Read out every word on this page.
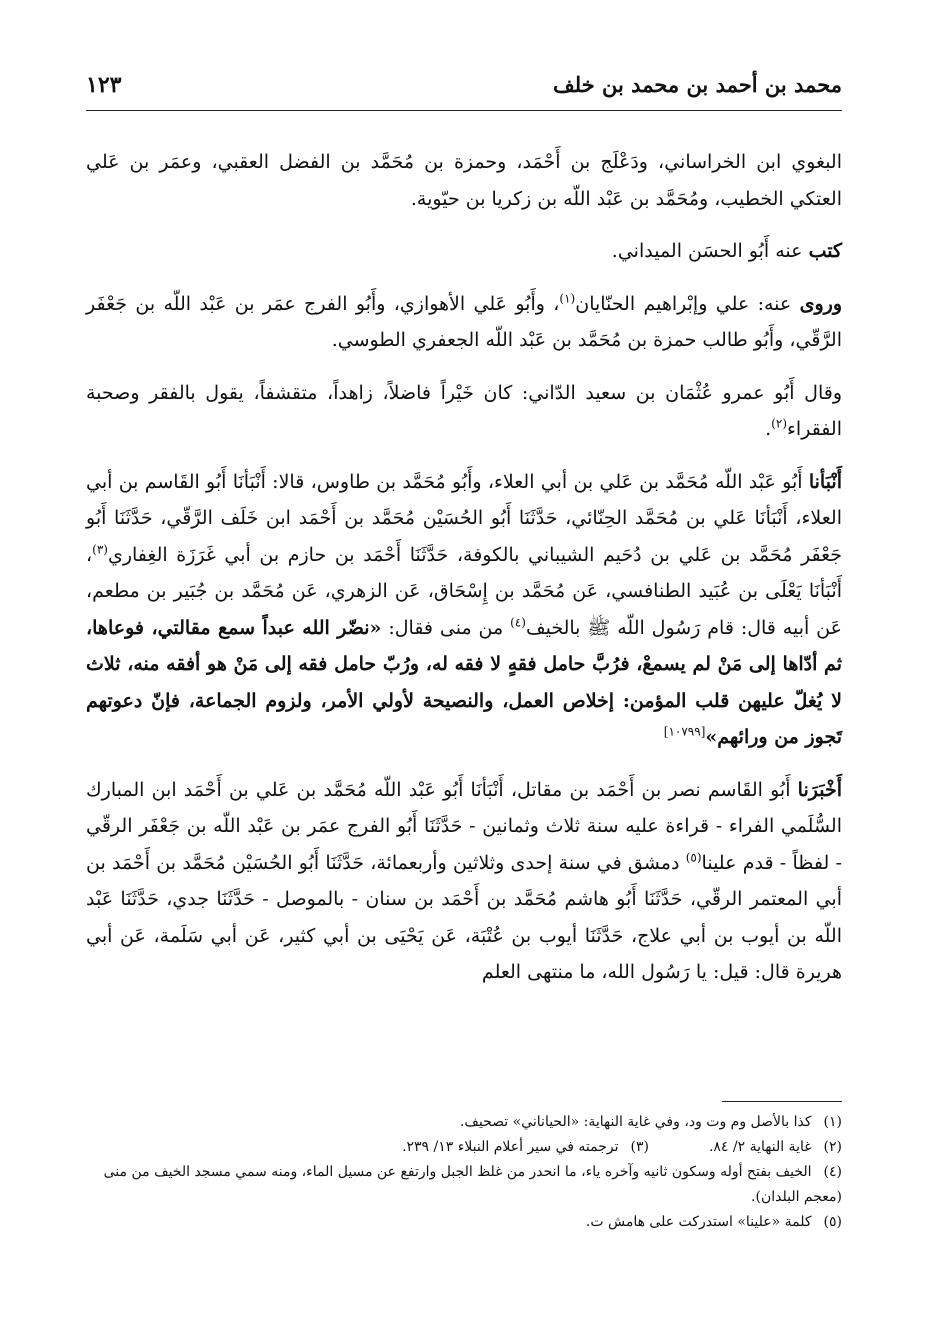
محمد بن أحمد بن محمد بن خلف
١٢٣

البغوي ابن الخراساني، ودَعْلَج بن أَحْمَد، وحمزة بن مُحَمَّد بن الفضل العقبي، وعمَر بن عَلي العتكي الخطيب، ومُحَمَّد بن عَبْد اللّه بن زكريا بن حيّوية.

كتب عنه أَبُو الحسَن الميداني.

وروى عنه: علي وإبْراهيم الحنّايان$^{(١)}$، وأَبُو عَلي الأهوازي، وأَبُو الفرج عمَر بن عَبْد اللّه بن جَعْفَر الرَّقّي، وأَبُو طالب حمزة بن مُحَمَّد بن عَبْد اللّه الجعفري الطوسي.

وقال أَبُو عمرو عُثْمَان بن سعيد الدّاني: كان خَيْراً فاضلاً، زاهداً، متقشفاً، يقول بالفقر وصحبة الفقراء$^{(٢)}$.

أَنْبَأنا أَبُو عَبْد اللّه مُحَمَّد بن عَلي بن أبي العلاء، وأَبُو مُحَمَّد بن طاوس، قالا: أَنْبَأنَا أَبُو القَاسم بن أبي العلاء، أَنْبَأنَا عَلي بن مُحَمَّد الحِنّائي، حَدَّثَنَا أَبُو الحُسَيْن مُحَمَّد بن أَحْمَد ابن خَلَف الرَّقّي، حَدَّثَنَا أَبُو جَعْفَر مُحَمَّد بن عَلي بن دُحَيم الشيباني بالكوفة، حَدَّثَنَا أَحْمَد بن حازم بن أبي غَرَزَة الغِفاري$^{(٣)}$، أَنْبَأنَا يَعْلَى بن عُبَيد الطنافسي، عَن مُحَمَّد بن إِسْحَاق، عَن الزهري، عَن مُحَمَّد بن جُبَير بن مطعم، عَن أبيه قال: قام رَسُول اللّه ﷺ بالخيف$^{(٤)}$ من منى فقال: «نضّر الله عبداً سمع مقالتي، فوعاها، ثم أدّاها إلى مَنْ لم يسمعْ، فرُبَّ حامل فقهٍ لا فقه له، ورُبّ حامل فقه إلى مَنْ هو أفقه منه، ثلاث لا يُغلّ عليهن قلب المؤمن: إخلاص العمل، والنصيحة لأولي الأمر، ولزوم الجماعة، فإنّ دعوتهم تَجوز من ورائهم»[١٠٧٩٩]

أَخْبَرَنا أَبُو القَاسم نصر بن أَحْمَد بن مقاتل، أَنْبَأنَا أَبُو عَبْد اللّه مُحَمَّد بن عَلي بن أَحْمَد ابن المبارك السُّلَمي الفراء - قراءة عليه سنة ثلاث وثمانين - حَدَّثَنَا أَبُو الفرج عمَر بن عَبْد اللّه بن جَعْفَر الرقّي - لفظاً - قدم علينا$^{(٥)}$ دمشق في سنة إحدى وثلاثين وأربعمائة، حَدَّثَنَا أَبُو الحُسَيْن مُحَمَّد بن أَحْمَد بن أبي المعتمر الرقّي، حَدَّثَنَا أَبُو هاشم مُحَمَّد بن أَحْمَد بن سنان - بالموصل - حَدَّثَنَا جدي، حَدَّثَنَا عَبْد اللّه بن أيوب بن أبي علاج، حَدَّثَنَا أيوب بن عُتْبَة، عَن يَحْيَى بن أبي كثير، عَن أبي سَلَمة، عَن أبي هريرة قال: قيل: يا رَسُول الله، ما منتهى العلم

(١) كذا بالأصل وم وت ود، وفي غاية النهاية: «الحياناني» تصحيف.

(٢) غاية النهاية ٢/ ٨٤.
(٣) ترجمته في سير أعلام النبلاء ١٣/ ٢٣٩.

(٤) الخيف بفتح أوله وسكون ثانيه وآخره ياء، ما انحدر من غلظ الجبل وارتفع عن مسيل الماء، ومنه سمي مسجد الخيف من منى (معجم البلدان).

(٥) كلمة «علينا» استدركت على هامش ت.
